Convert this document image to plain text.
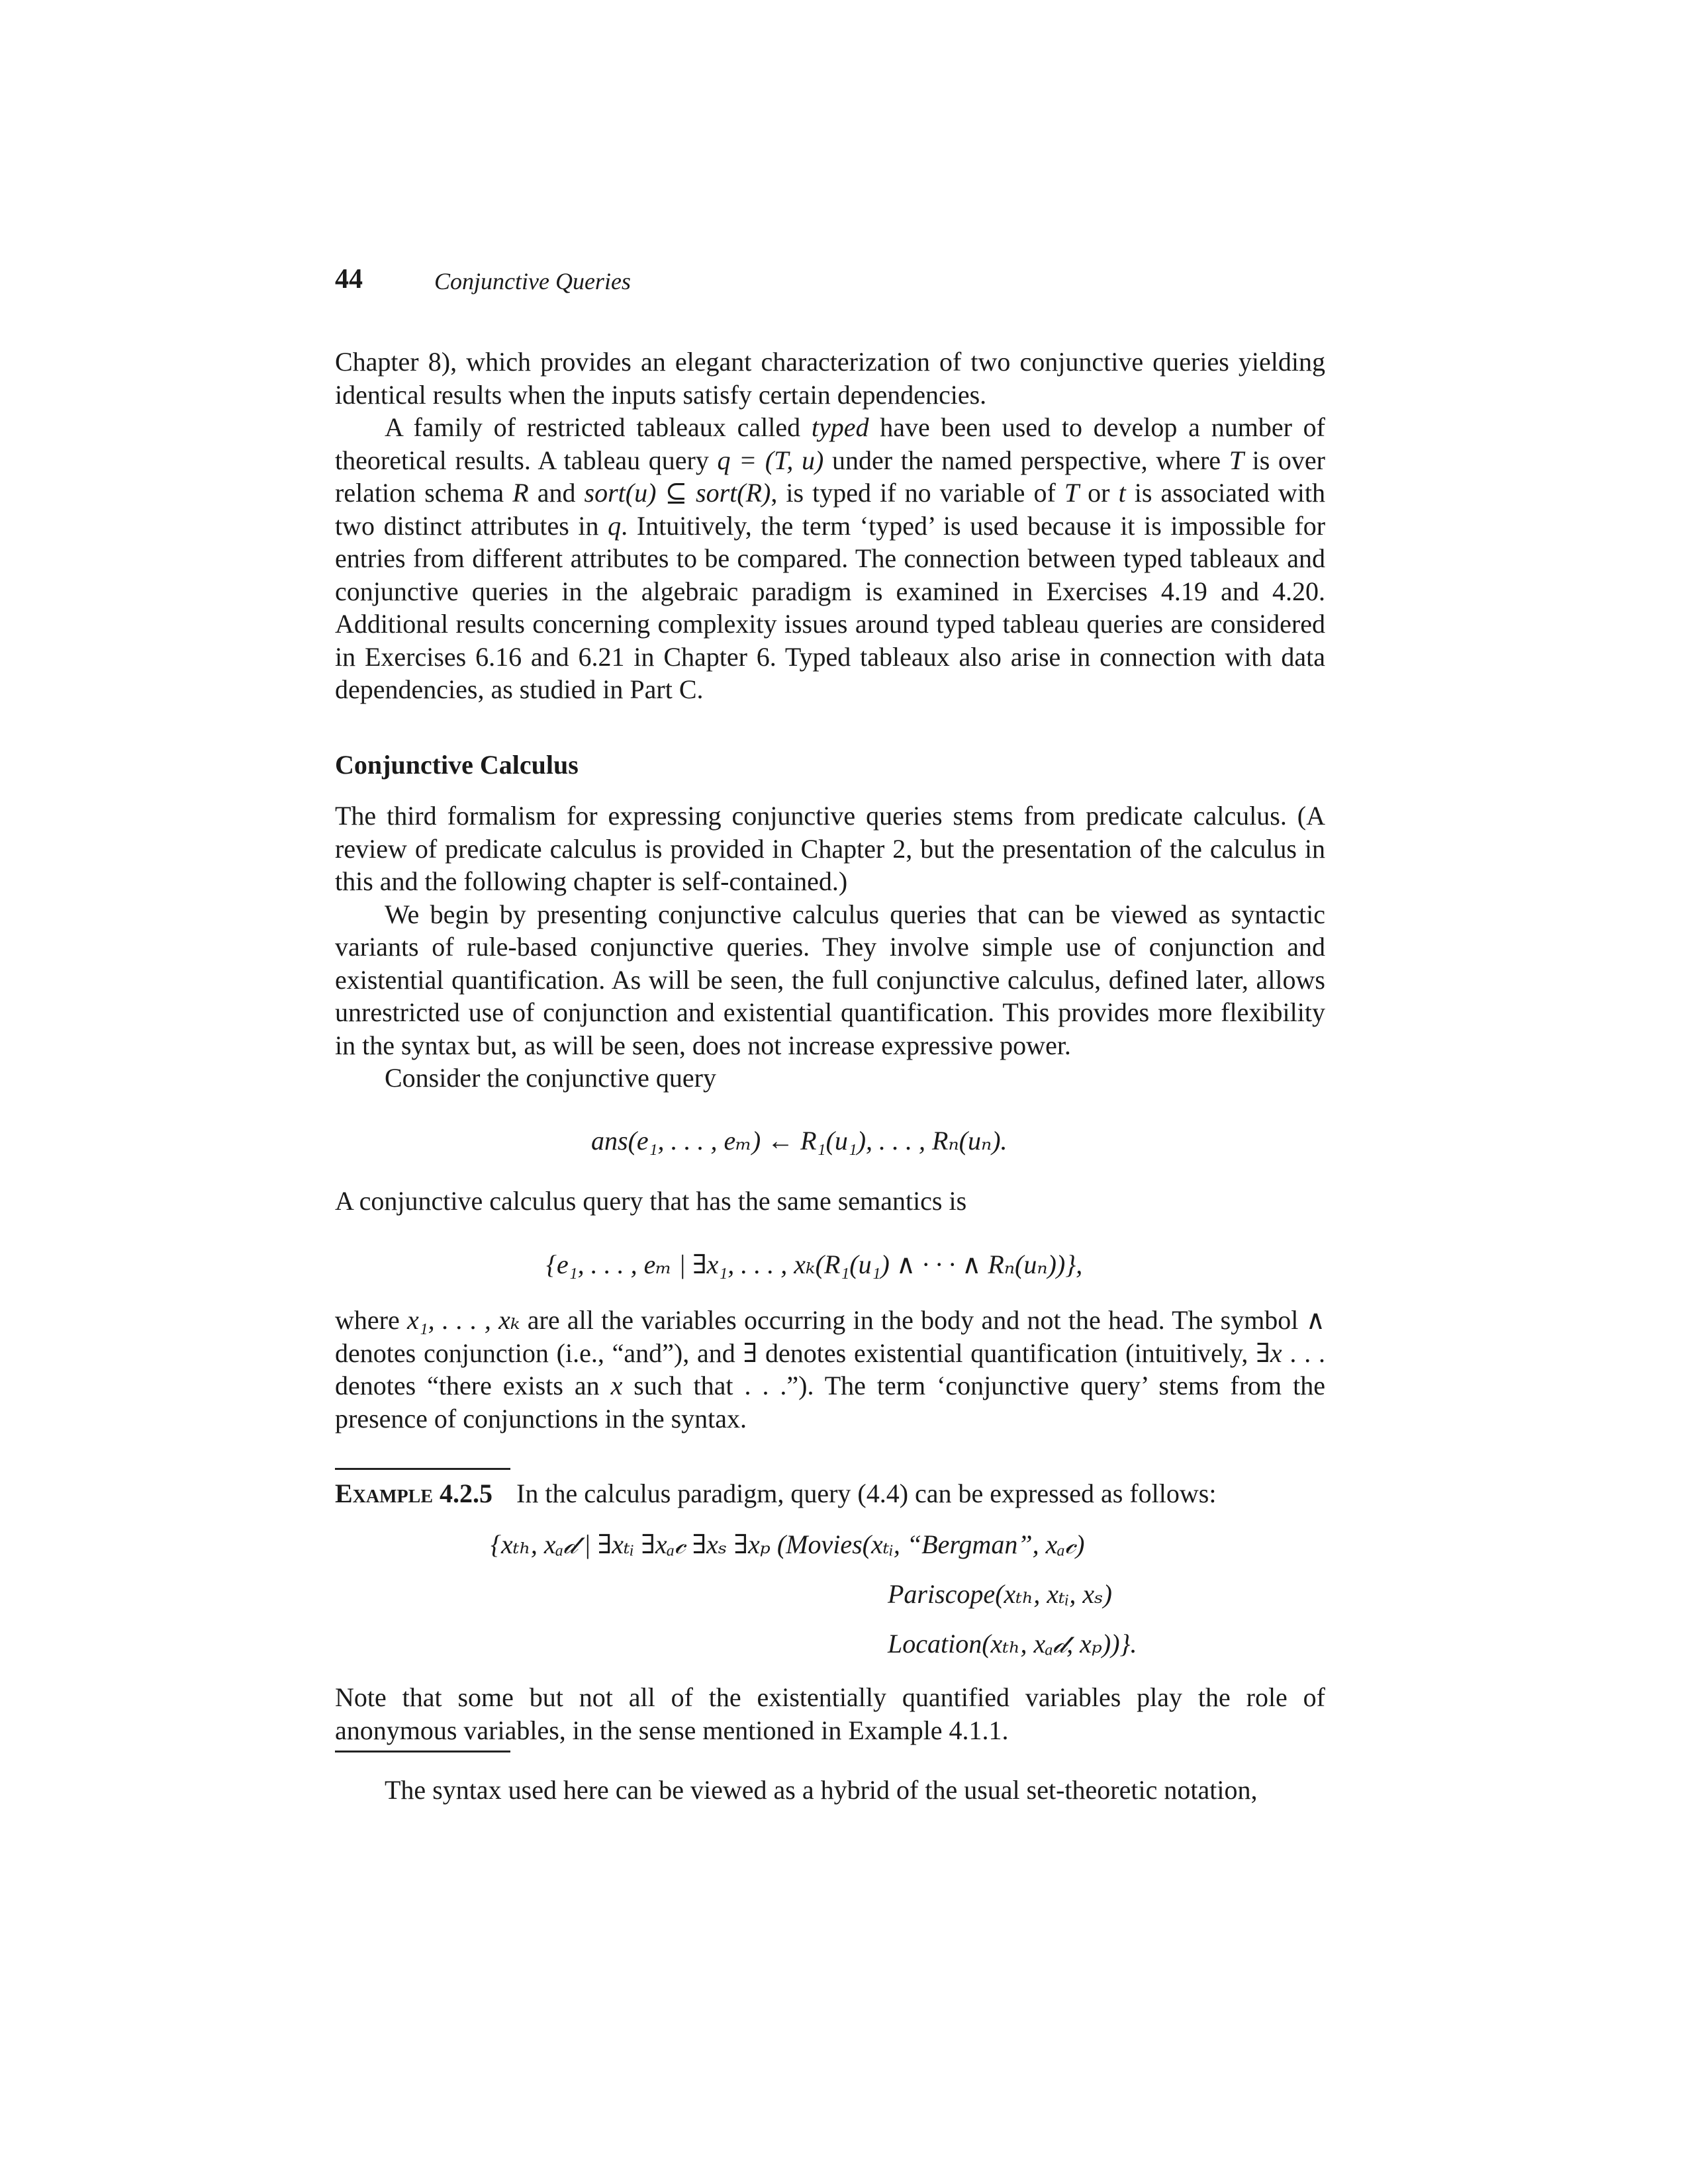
44	Conjunctive Queries

Chapter 8), which provides an elegant characterization of two conjunctive queries yielding identical results when the inputs satisfy certain dependencies.

A family of restricted tableaux called typed have been used to develop a number of theoretical results. A tableau query q = (T, u) under the named perspective, where T is over relation schema R and sort(u) ⊆ sort(R), is typed if no variable of T or t is associated with two distinct attributes in q. Intuitively, the term ‘typed’ is used because it is impossible for entries from different attributes to be compared. The connection between typed tableaux and conjunctive queries in the algebraic paradigm is examined in Exercises 4.19 and 4.20. Additional results concerning complexity issues around typed tableau queries are considered in Exercises 6.16 and 6.21 in Chapter 6. Typed tableaux also arise in connection with data dependencies, as studied in Part C.

Conjunctive Calculus

The third formalism for expressing conjunctive queries stems from predicate calculus. (A review of predicate calculus is provided in Chapter 2, but the presentation of the calculus in this and the following chapter is self-contained.)

We begin by presenting conjunctive calculus queries that can be viewed as syntactic variants of rule-based conjunctive queries. They involve simple use of conjunction and existential quantification. As will be seen, the full conjunctive calculus, defined later, allows unrestricted use of conjunction and existential quantification. This provides more flexibility in the syntax but, as will be seen, does not increase expressive power.

Consider the conjunctive query

ans(e₁, . . . , eₘ) ← R₁(u₁), . . . , Rₙ(uₙ).

A conjunctive calculus query that has the same semantics is

{e₁, . . . , eₘ | ∃x₁, . . . , xₖ(R₁(u₁) ∧ · · · ∧ Rₙ(uₙ))},

where x₁, . . . , xₖ are all the variables occurring in the body and not the head. The symbol ∧ denotes conjunction (i.e., “and”), and ∃ denotes existential quantification (intuitively, ∃x . . . denotes “there exists an x such that . . .”). The term ‘conjunctive query’ stems from the presence of conjunctions in the syntax.

Example 4.2.5 In the calculus paradigm, query (4.4) can be expressed as follows:
{xₜₕ, xₐ𝒹 | ∃xₜᵢ ∃xₐ𝒸 ∃xₛ ∃xₚ (Movies(xₜᵢ, “Bergman”, xₐ𝒸)
Pariscope(xₜₕ, xₜᵢ, xₛ)
Location(xₜₕ, xₐ𝒹, xₚ))}.

Note that some but not all of the existentially quantified variables play the role of anonymous variables, in the sense mentioned in Example 4.1.1.

The syntax used here can be viewed as a hybrid of the usual set-theoretic notation,
